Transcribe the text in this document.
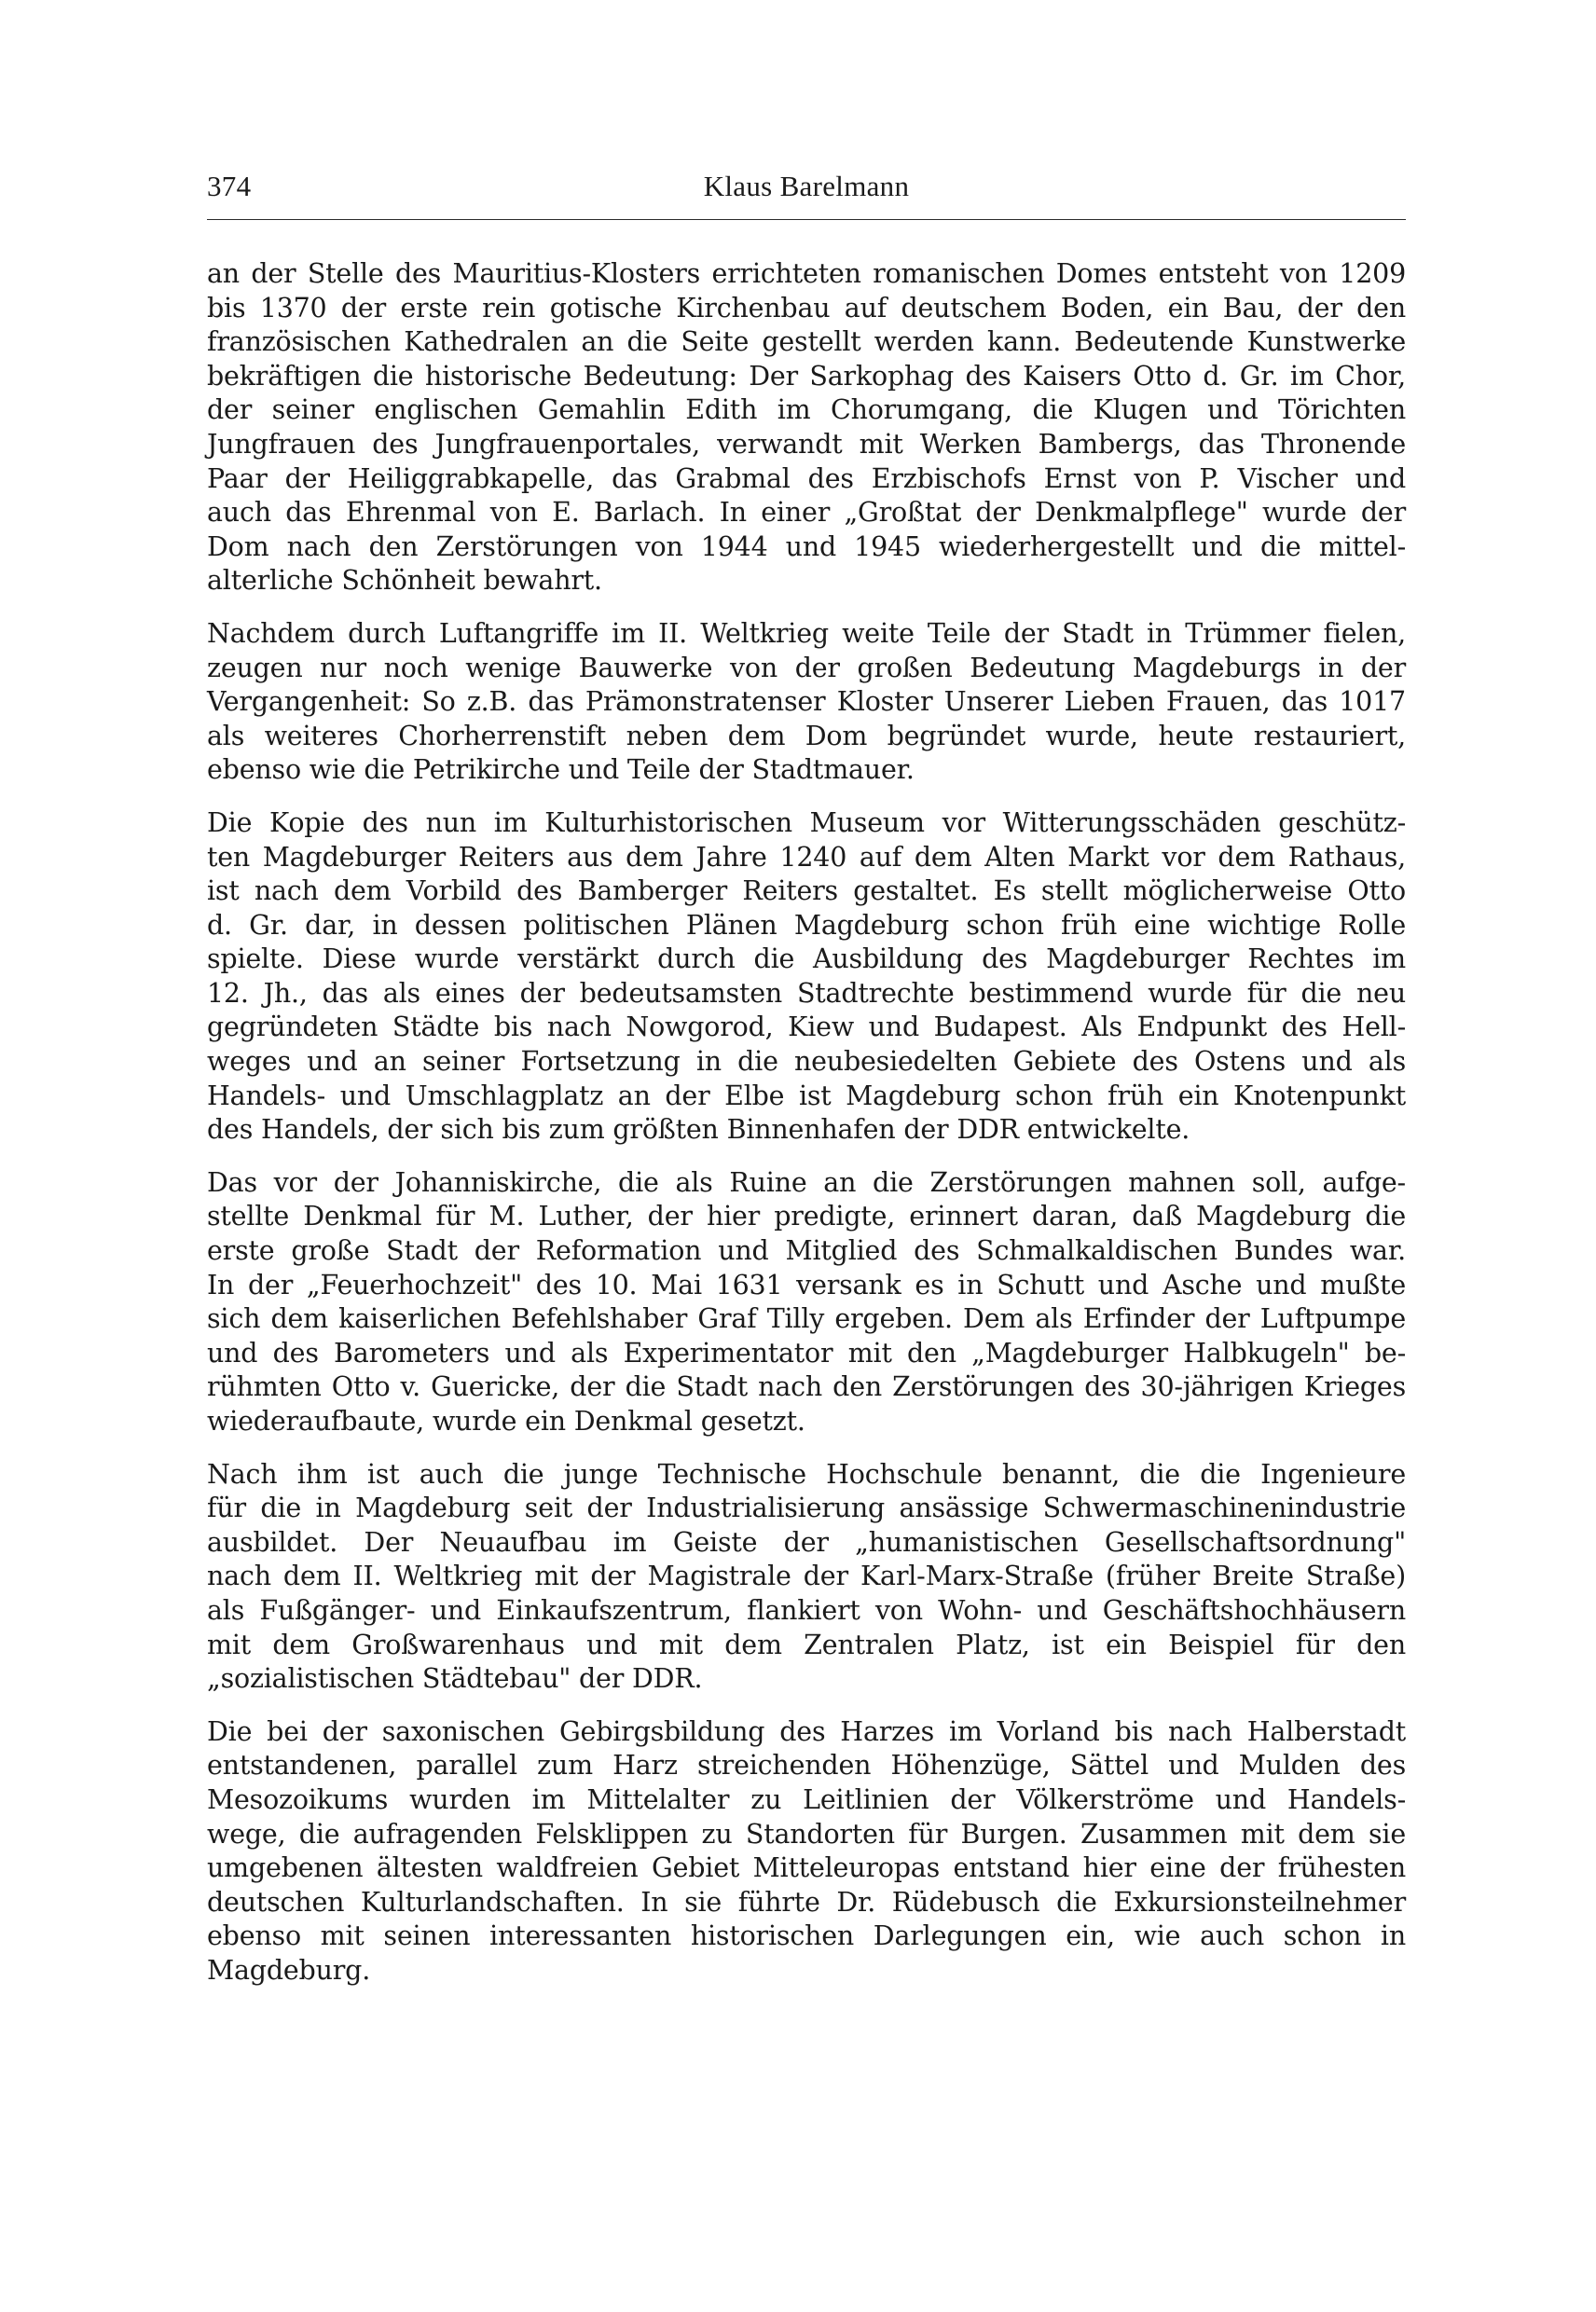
374	Klaus Barelmann

an der Stelle des Mauritius-Klosters errichteten romanischen Domes entsteht von 1209
bis 1370 der erste rein gotische Kirchenbau auf deutschem Boden, ein Bau, der den
französischen Kathedralen an die Seite gestellt werden kann. Bedeutende Kunstwerke
bekräftigen die historische Bedeutung: Der Sarkophag des Kaisers Otto d. Gr. im Chor,
der seiner englischen Gemahlin Edith im Chorumgang, die Klugen und Törichten
Jungfrauen des Jungfrauenportales, verwandt mit Werken Bambergs, das Thronende
Paar der Heiliggrabkapelle, das Grabmal des Erzbischofs Ernst von P. Vischer und
auch das Ehrenmal von E. Barlach. In einer „Großtat der Denkmalpflege" wurde der
Dom nach den Zerstörungen von 1944 und 1945 wiederhergestellt und die mittel-
alterliche Schönheit bewahrt.

Nachdem durch Luftangriffe im II. Weltkrieg weite Teile der Stadt in Trümmer fielen,
zeugen nur noch wenige Bauwerke von der großen Bedeutung Magdeburgs in der
Vergangenheit: So z.B. das Prämonstratenser Kloster Unserer Lieben Frauen, das 1017
als weiteres Chorherrenstift neben dem Dom begründet wurde, heute restauriert,
ebenso wie die Petrikirche und Teile der Stadtmauer.

Die Kopie des nun im Kulturhistorischen Museum vor Witterungsschäden geschütz-
ten Magdeburger Reiters aus dem Jahre 1240 auf dem Alten Markt vor dem Rathaus,
ist nach dem Vorbild des Bamberger Reiters gestaltet. Es stellt möglicherweise Otto
d. Gr. dar, in dessen politischen Plänen Magdeburg schon früh eine wichtige Rolle
spielte. Diese wurde verstärkt durch die Ausbildung des Magdeburger Rechtes im
12. Jh., das als eines der bedeutsamsten Stadtrechte bestimmend wurde für die neu
gegründeten Städte bis nach Nowgorod, Kiew und Budapest. Als Endpunkt des Hell-
weges und an seiner Fortsetzung in die neubesiedelten Gebiete des Ostens und als
Handels- und Umschlagplatz an der Elbe ist Magdeburg schon früh ein Knotenpunkt
des Handels, der sich bis zum größten Binnenhafen der DDR entwickelte.

Das vor der Johanniskirche, die als Ruine an die Zerstörungen mahnen soll, aufge-
stellte Denkmal für M. Luther, der hier predigte, erinnert daran, daß Magdeburg die
erste große Stadt der Reformation und Mitglied des Schmalkaldischen Bundes war.
In der „Feuerhochzeit" des 10. Mai 1631 versank es in Schutt und Asche und mußte
sich dem kaiserlichen Befehlshaber Graf Tilly ergeben. Dem als Erfinder der Luftpumpe
und des Barometers und als Experimentator mit den „Magdeburger Halbkugeln" be-
rühmten Otto v. Guericke, der die Stadt nach den Zerstörungen des 30-jährigen Krieges
wiederaufbaute, wurde ein Denkmal gesetzt.

Nach ihm ist auch die junge Technische Hochschule benannt, die die Ingenieure
für die in Magdeburg seit der Industrialisierung ansässige Schwermaschinenindustrie
ausbildet. Der Neuaufbau im Geiste der „humanistischen Gesellschaftsordnung"
nach dem II. Weltkrieg mit der Magistrale der Karl-Marx-Straße (früher Breite Straße)
als Fußgänger- und Einkaufszentrum, flankiert von Wohn- und Geschäftshochhäusern
mit dem Großwarenhaus und mit dem Zentralen Platz, ist ein Beispiel für den
„sozialistischen Städtebau" der DDR.

Die bei der saxonischen Gebirgsbildung des Harzes im Vorland bis nach Halberstadt
entstandenen, parallel zum Harz streichenden Höhenzüge, Sättel und Mulden des
Mesozoikums wurden im Mittelalter zu Leitlinien der Völkerströme und Handels-
wege, die aufragenden Felsklippen zu Standorten für Burgen. Zusammen mit dem sie
umgebenen ältesten waldfreien Gebiet Mitteleuropas entstand hier eine der frühesten
deutschen Kulturlandschaften. In sie führte Dr. Rüdebusch die Exkursionsteilnehmer
ebenso mit seinen interessanten historischen Darlegungen ein, wie auch schon in
Magdeburg.
